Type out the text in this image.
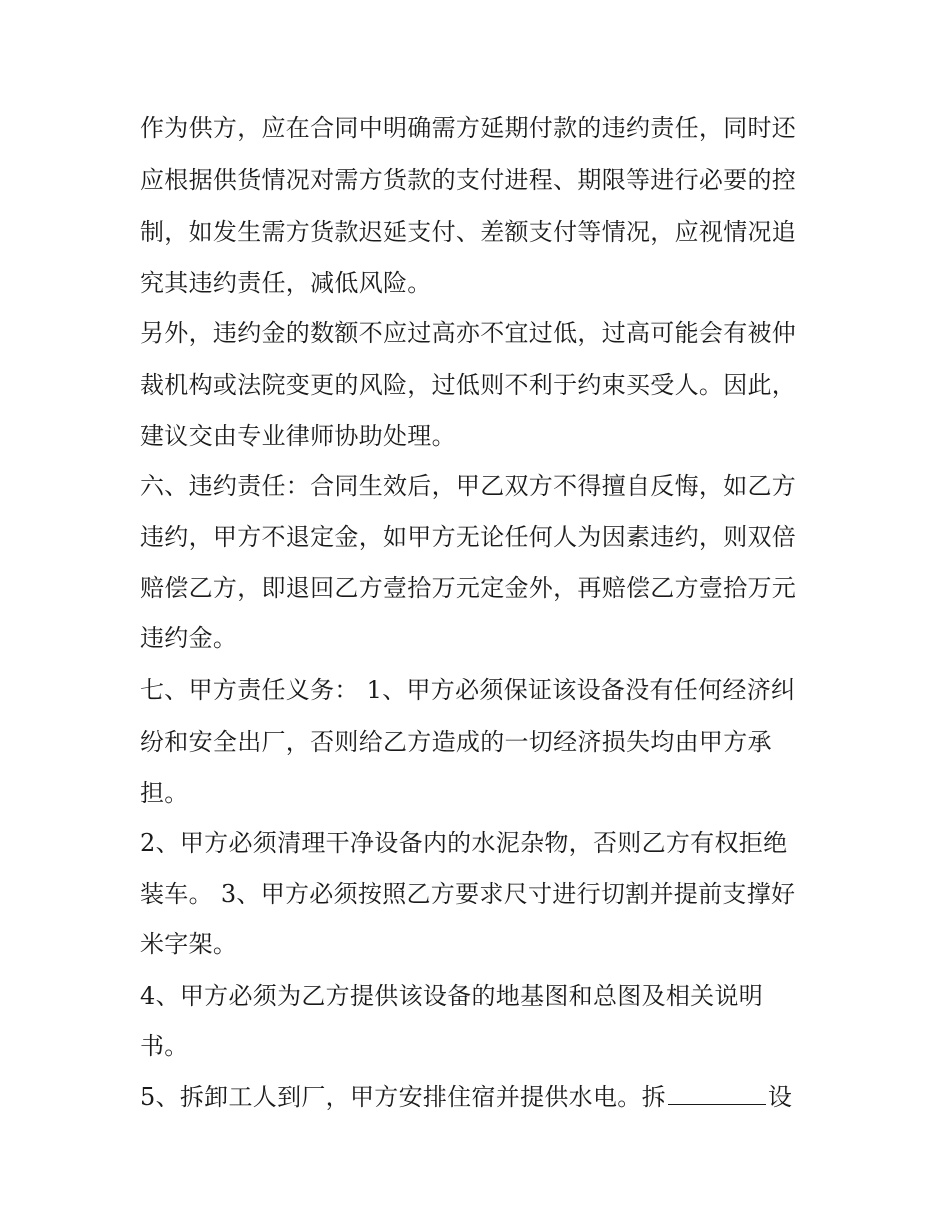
作为供方，应在合同中明确需方延期付款的违约责任，同时还
应根据供货情况对需方货款的支付进程、期限等进行必要的控
制，如发生需方货款迟延支付、差额支付等情况，应视情况追
究其违约责任，减低风险。
另外，违约金的数额不应过高亦不宜过低，过高可能会有被仲
裁机构或法院变更的风险，过低则不利于约束买受人。因此，
建议交由专业律师协助处理。
六、违约责任：合同生效后，甲乙双方不得擅自反悔，如乙方
违约，甲方不退定金，如甲方无论任何人为因素违约，则双倍
赔偿乙方，即退回乙方壹拾万元定金外，再赔偿乙方壹拾万元
违约金。
七、甲方责任义务： 1、甲方必须保证该设备没有任何经济纠
纷和安全出厂，否则给乙方造成的一切经济损失均由甲方承
担。
2、甲方必须清理干净设备内的水泥杂物，否则乙方有权拒绝
装车。 3、甲方必须按照乙方要求尺寸进行切割并提前支撑好
米字架。
4、甲方必须为乙方提供该设备的地基图和总图及相关说明
书。
5、拆卸工人到厂，甲方安排住宿并提供水电。拆	设
